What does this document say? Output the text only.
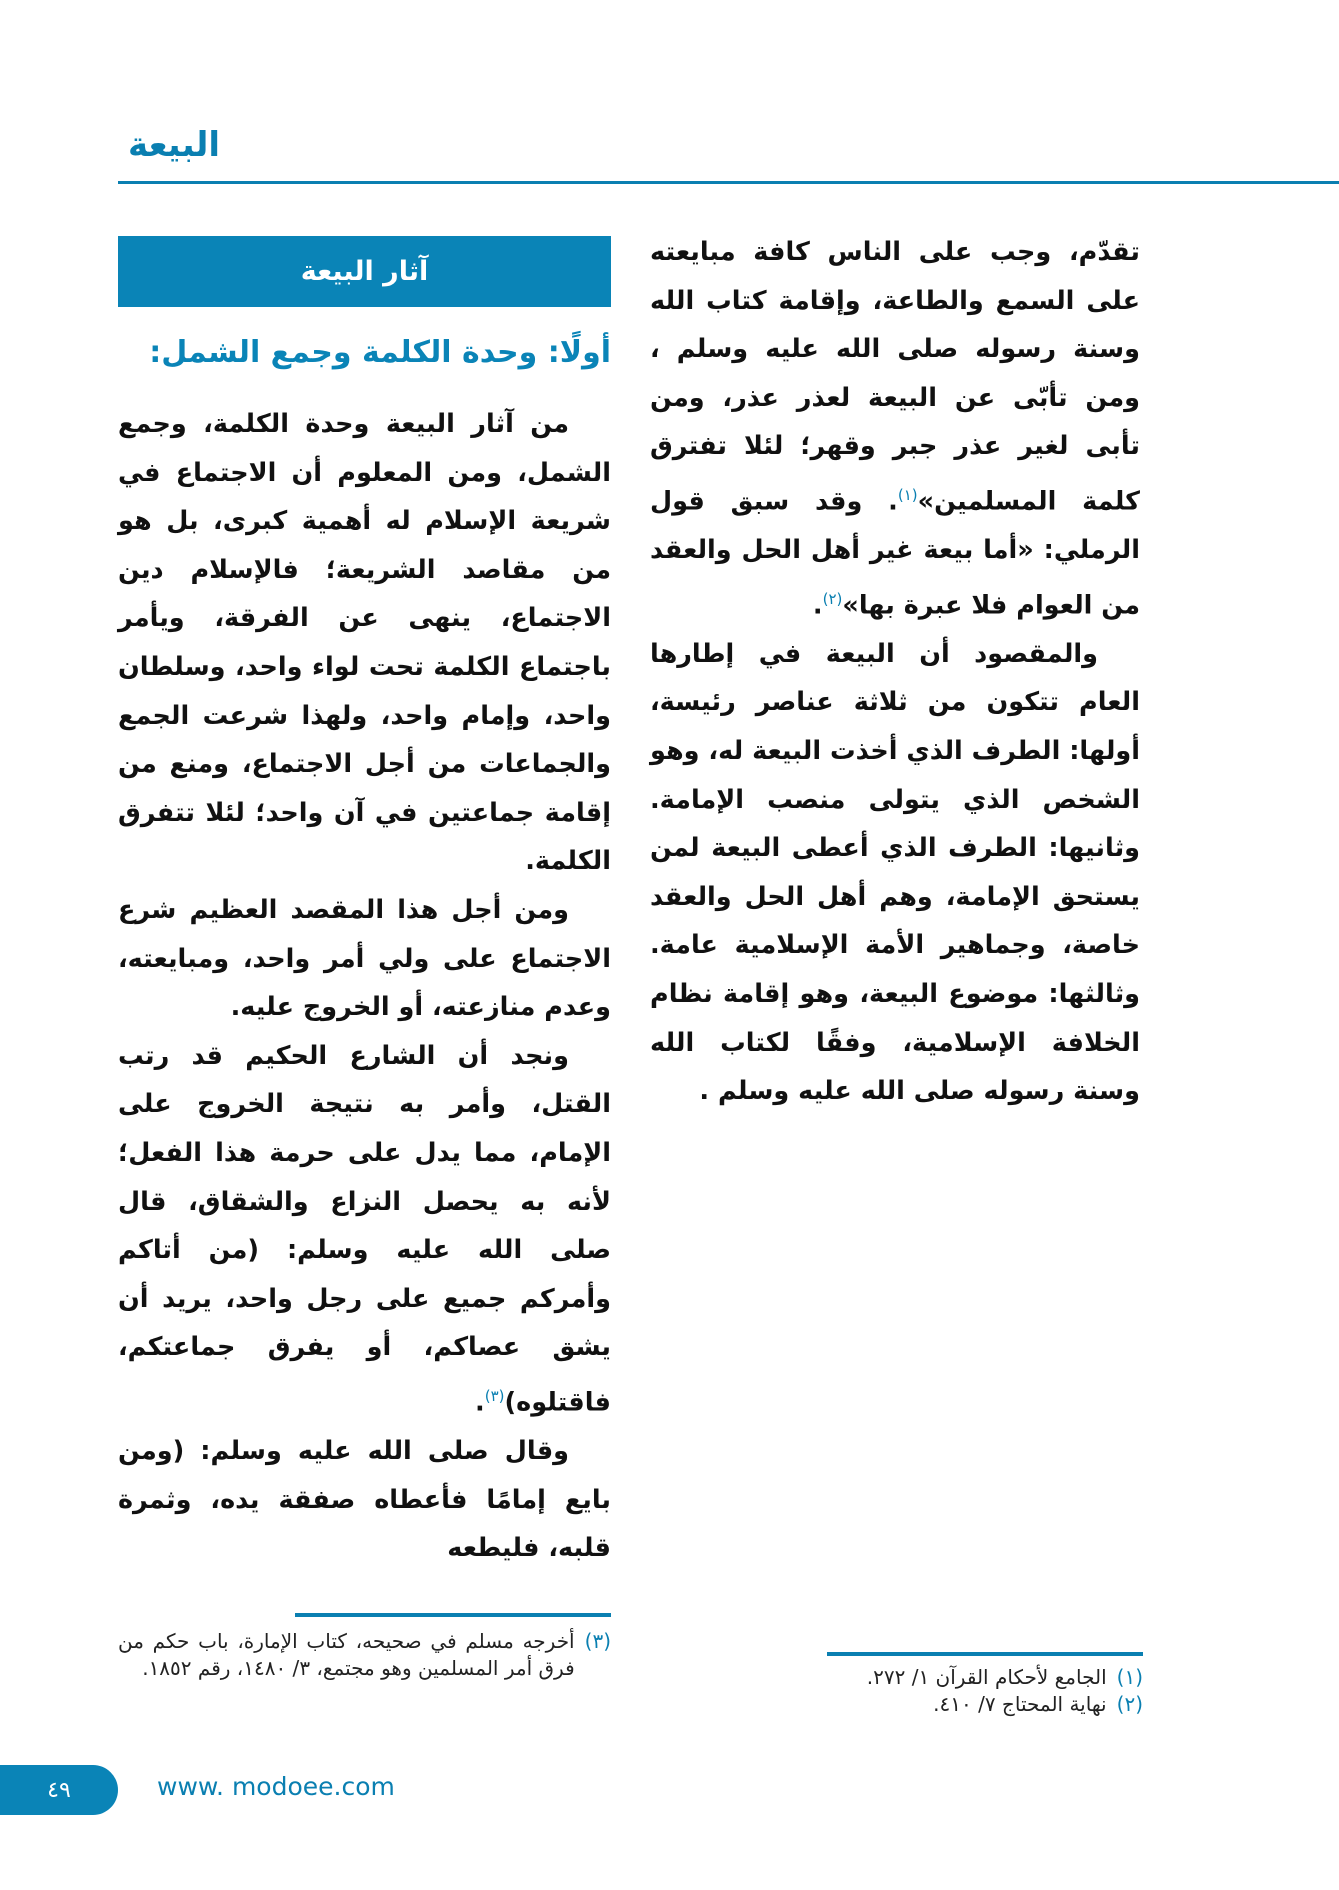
البيعة

تقدّم، وجب على الناس كافة مبايعته على السمع والطاعة، وإقامة كتاب الله وسنة رسوله صلى الله عليه وسلم ، ومن تأبّى عن البيعة لعذر عذر، ومن تأبى لغير عذر جبر وقهر؛ لئلا تفترق كلمة المسلمين»$^{(١)}$. وقد سبق قول الرملي: «أما بيعة غير أهل الحل والعقد من العوام فلا عبرة بها»$^{(٢)}$.

والمقصود أن البيعة في إطارها العام تتكون من ثلاثة عناصر رئيسة، أولها: الطرف الذي أخذت البيعة له، وهو الشخص الذي يتولى منصب الإمامة. وثانيها: الطرف الذي أعطى البيعة لمن يستحق الإمامة، وهم أهل الحل والعقد خاصة، وجماهير الأمة الإسلامية عامة. وثالثها: موضوع البيعة، وهو إقامة نظام الخلافة الإسلامية، وفقًا لكتاب الله وسنة رسوله صلى الله عليه وسلم .

آثار البيعة
أولًا: وحدة الكلمة وجمع الشمل:

من آثار البيعة وحدة الكلمة، وجمع الشمل، ومن المعلوم أن الاجتماع في شريعة الإسلام له أهمية كبرى، بل هو من مقاصد الشريعة؛ فالإسلام دين الاجتماع، ينهى عن الفرقة، ويأمر باجتماع الكلمة تحت لواء واحد، وسلطان واحد، وإمام واحد، ولهذا شرعت الجمع والجماعات من أجل الاجتماع، ومنع من إقامة جماعتين في آن واحد؛ لئلا تتفرق الكلمة.

ومن أجل هذا المقصد العظيم شرع الاجتماع على ولي أمر واحد، ومبايعته، وعدم منازعته، أو الخروج عليه.

ونجد أن الشارع الحكيم قد رتب القتل، وأمر به نتيجة الخروج على الإمام، مما يدل على حرمة هذا الفعل؛ لأنه به يحصل النزاع والشقاق، قال صلى الله عليه وسلم: (من أتاكم وأمركم جميع على رجل واحد، يريد أن يشق عصاكم، أو يفرق جماعتكم، فاقتلوه)$^{(٣)}$.

وقال صلى الله عليه وسلم: (ومن بايع إمامًا فأعطاه صفقة يده، وثمرة قلبه، فليطعه

(٣)
أخرجه مسلم في صحيحه، كتاب الإمارة، باب حكم من فرق أمر المسلمين وهو مجتمع، ٣/ ١٤٨٠، رقم ١٨٥٢.	(١)
الجامع لأحكام القرآن ١/ ٢٧٢.
(٢)
نهاية المحتاج ٧/ ٤١٠.
٤٩	www. modoee.com
